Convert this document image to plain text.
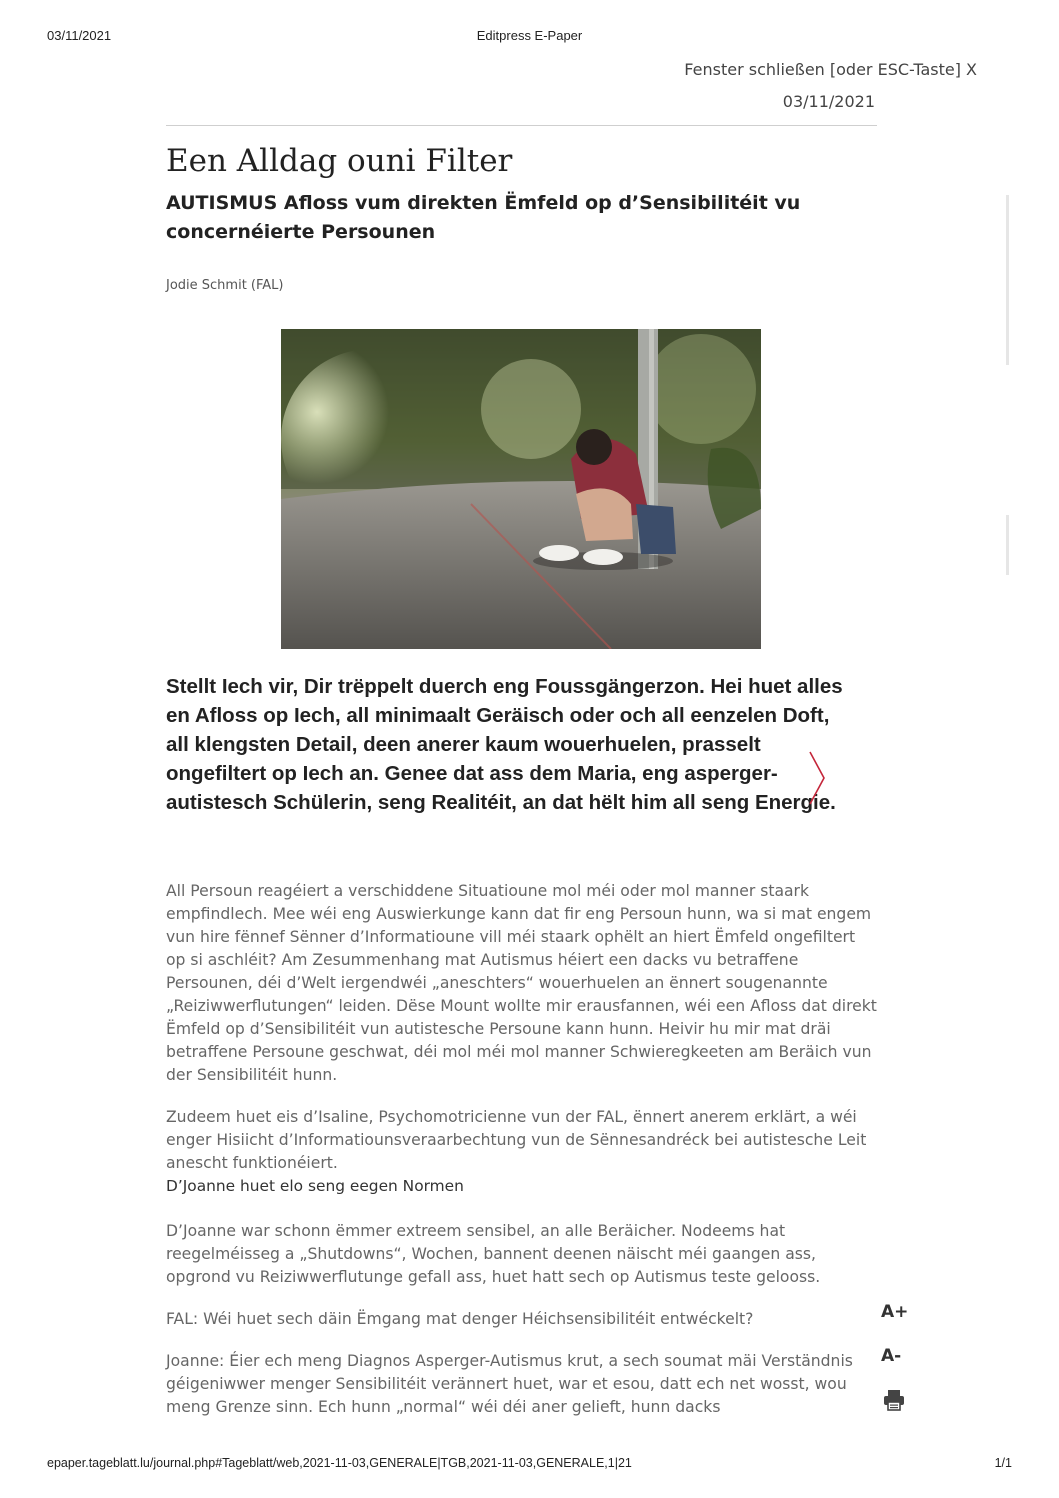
03/11/2021	Editpress E-Paper
Fenster schließen [oder ESC-Taste] X
03/11/2021
Een Alldag ouni Filter
AUTISMUS Afloss vum direkten Ëmfeld op d’Sensibilitéit vu concernéierte Persounen
Jodie Schmit (FAL)

Stellt Iech vir, Dir trëppelt duerch eng Foussgängerzon. Hei huet alles en Afloss op Iech, all minimaalt Geräisch oder och all eenzelen Doft, all klengsten Detail, deen anerer kaum wouerhuelen, prasselt ongefiltert op Iech an. Genee dat ass dem Maria, eng asperger-autistesch Schülerin, seng Realitéit, an dat hëlt him all seng Energie.

All Persoun reagéiert a verschiddene Situatioune mol méi oder mol manner staark empfindlech. Mee wéi eng Auswierkunge kann dat fir eng Persoun hunn, wa si mat engem vun hire fënnef Sënner d’Informatioune vill méi staark ophëlt an hiert Ëmfeld ongefiltert op si aschléit? Am Zesummenhang mat Autismus héiert een dacks vu betraffene Persounen, déi d’Welt iergendwéi „aneschters“ wouerhuelen an ënnert sougenannte „Reiziwwerflutungen“ leiden. Dëse Mount wollte mir erausfannen, wéi een Afloss dat direkt Ëmfeld op d’Sensibilitéit vun autistesche Persoune kann hunn. Heivir hu mir mat dräi betraffene Persoune geschwat, déi mol méi mol manner Schwieregkeeten am Beräich vun der Sensibilitéit hunn.

Zudeem huet eis d’Isaline, Psychomotricienne vun der FAL, ënnert anerem erklärt, a wéi enger Hisiicht d’Informatiounsveraarbechtung vun de Sënnesandréck bei autistesche Leit anescht funktionéiert.

D’Joanne huet elo seng eegen Normen

D’Joanne war schonn ëmmer extreem sensibel, an alle Beräicher. Nodeems hat reegelméisseg a „Shutdowns“, Wochen, bannent deenen näischt méi gaangen ass, opgrond vu Reiziwwerflutunge gefall ass, huet hatt sech op Autismus teste gelooss.

FAL: Wéi huet sech däin Ëmgang mat denger Héichsensibilitéit entwéckelt?

Joanne: Éier ech meng Diagnos Asperger-Autismus krut, a sech soumat mäi Verständnis géigeniwwer menger Sensibilitéit verännert huet, war et esou, datt ech net wosst, wou meng Grenze sinn. Ech hunn „normal“ wéi déi aner gelieft, hunn dacks

A+
A-
epaper.tageblatt.lu/journal.php#Tageblatt/web,2021-11-03,GENERALE|TGB,2021-11-03,GENERALE,1|21	1/1
